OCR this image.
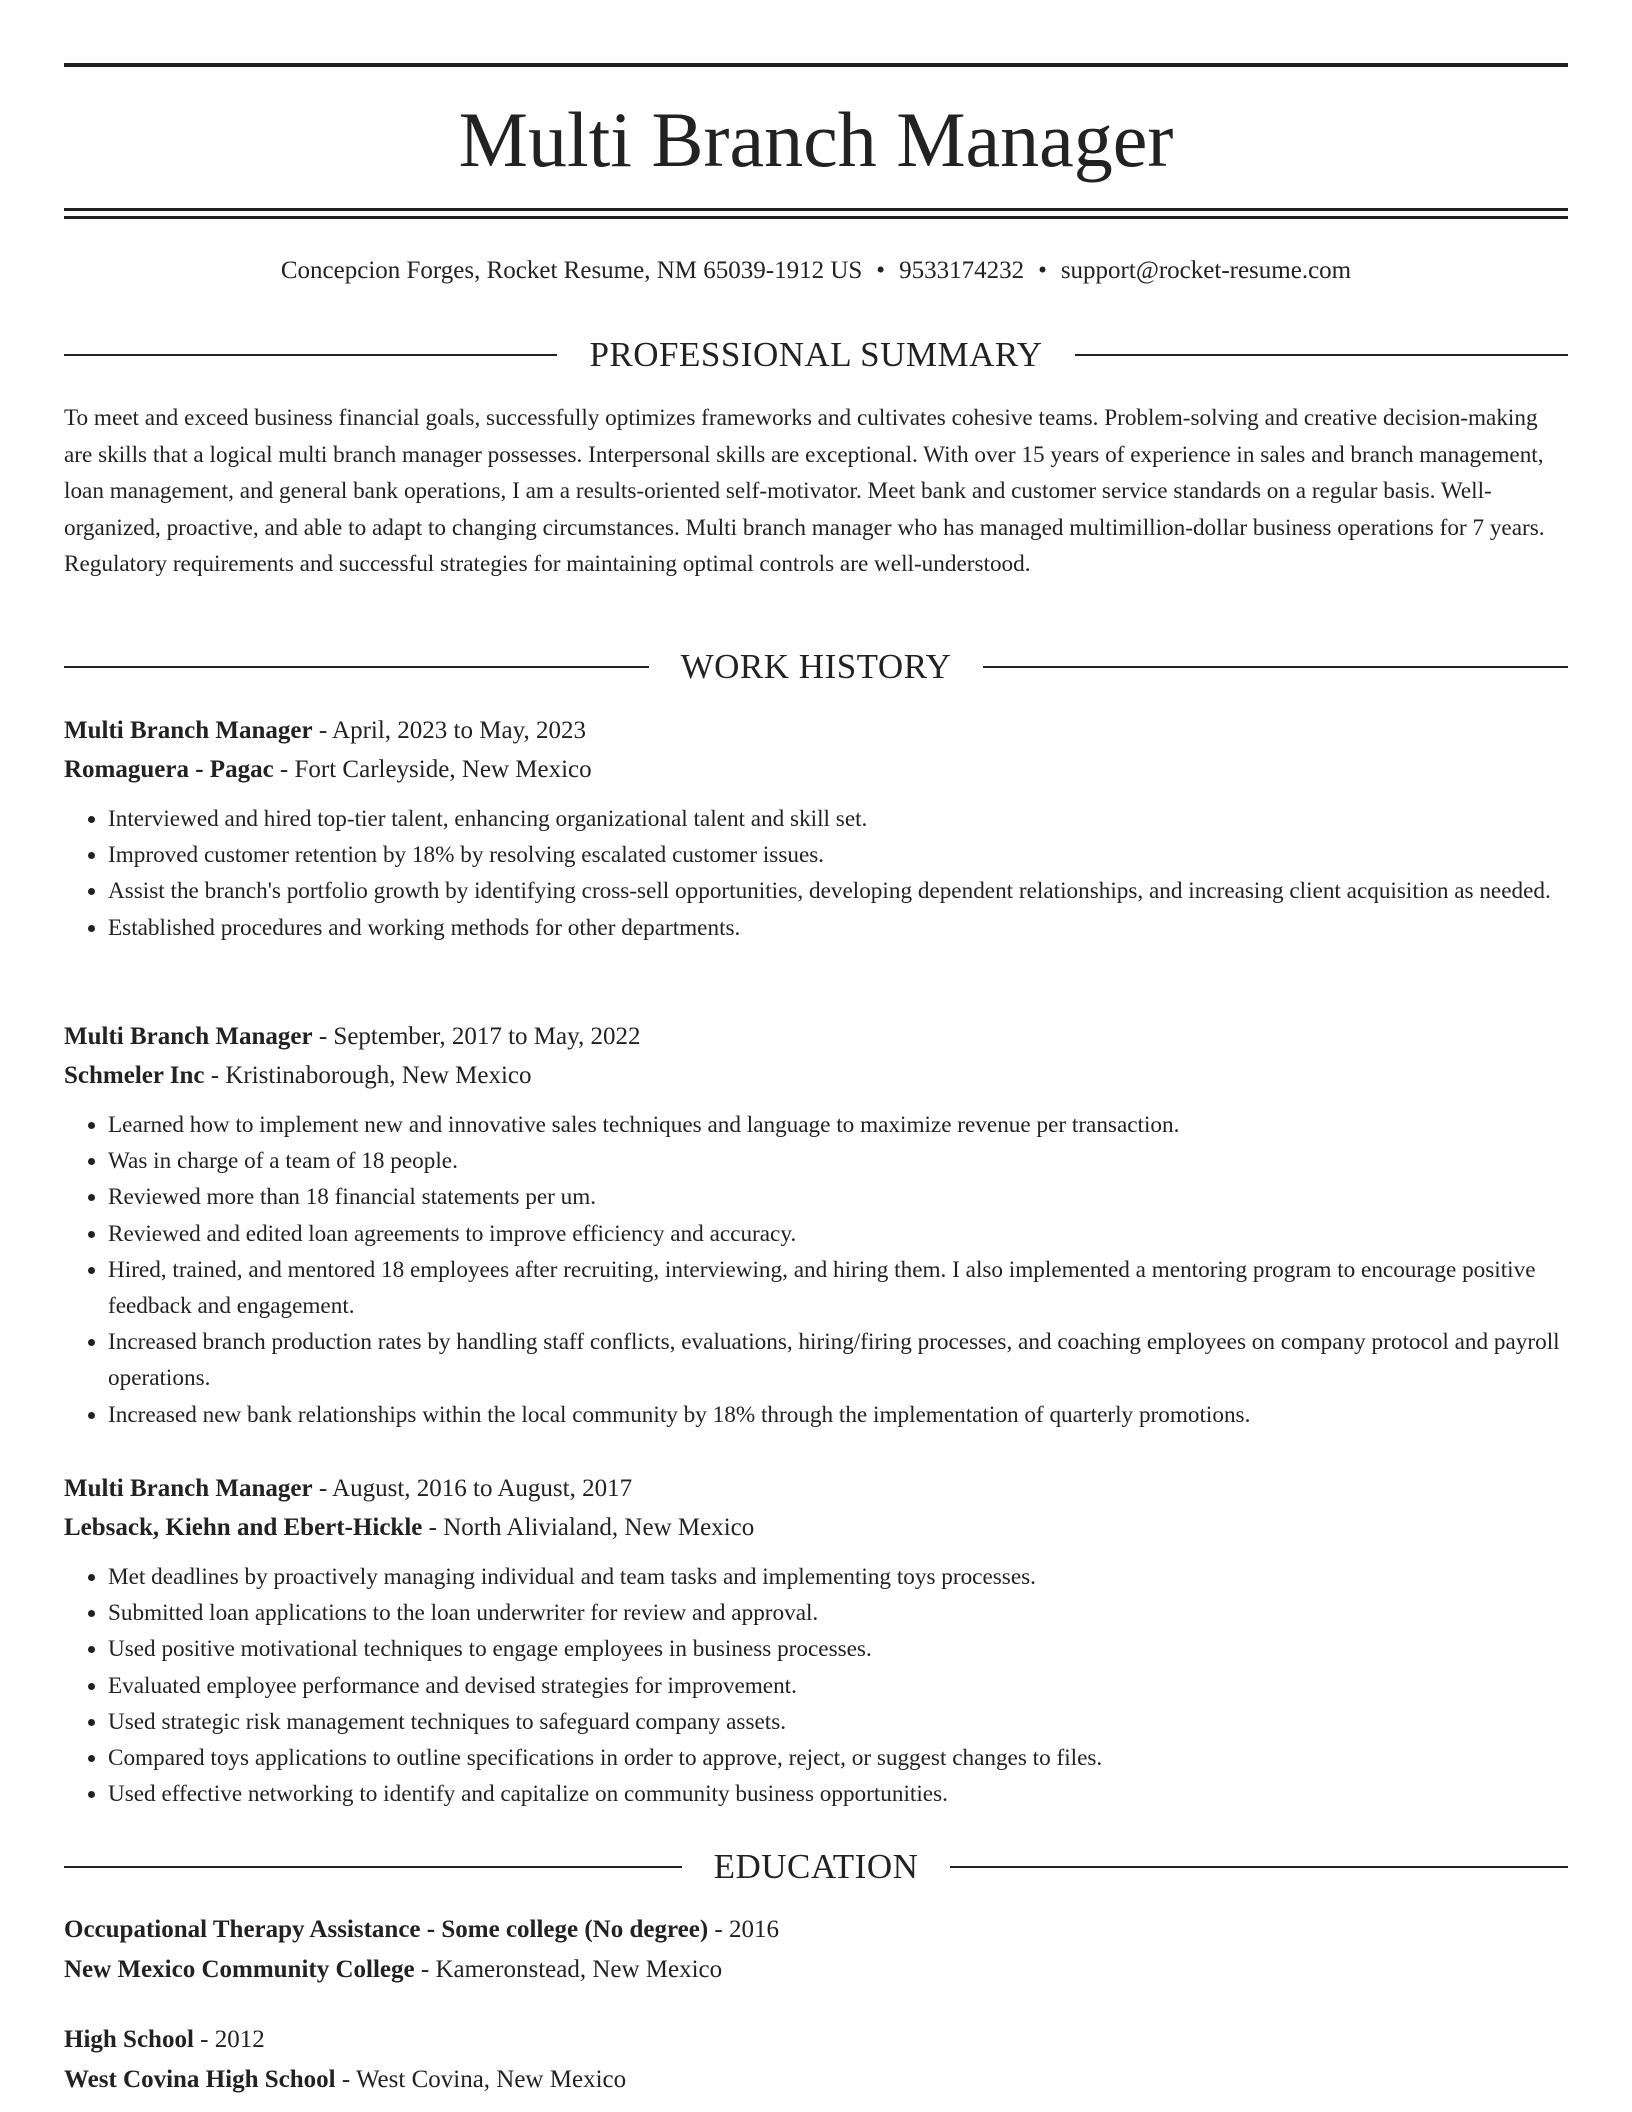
Multi Branch Manager
Concepcion Forges, Rocket Resume, NM 65039-1912 US • 9533174232 • support@rocket-resume.com
PROFESSIONAL SUMMARY
To meet and exceed business financial goals, successfully optimizes frameworks and cultivates cohesive teams. Problem-solving and creative decision-making are skills that a logical multi branch manager possesses. Interpersonal skills are exceptional. With over 15 years of experience in sales and branch management, loan management, and general bank operations, I am a results-oriented self-motivator. Meet bank and customer service standards on a regular basis. Well-organized, proactive, and able to adapt to changing circumstances. Multi branch manager who has managed multimillion-dollar business operations for 7 years. Regulatory requirements and successful strategies for maintaining optimal controls are well-understood.
WORK HISTORY
Multi Branch Manager - April, 2023 to May, 2023
Romaguera - Pagac - Fort Carleyside, New Mexico
• Interviewed and hired top-tier talent, enhancing organizational talent and skill set.
• Improved customer retention by 18% by resolving escalated customer issues.
• Assist the branch's portfolio growth by identifying cross-sell opportunities, developing dependent relationships, and increasing client acquisition as needed.
• Established procedures and working methods for other departments.
Multi Branch Manager - September, 2017 to May, 2022
Schmeler Inc - Kristinaborough, New Mexico
• Learned how to implement new and innovative sales techniques and language to maximize revenue per transaction.
• Was in charge of a team of 18 people.
• Reviewed more than 18 financial statements per um.
• Reviewed and edited loan agreements to improve efficiency and accuracy.
• Hired, trained, and mentored 18 employees after recruiting, interviewing, and hiring them. I also implemented a mentoring program to encourage positive feedback and engagement.
• Increased branch production rates by handling staff conflicts, evaluations, hiring/firing processes, and coaching employees on company protocol and payroll operations.
• Increased new bank relationships within the local community by 18% through the implementation of quarterly promotions.
Multi Branch Manager - August, 2016 to August, 2017
Lebsack, Kiehn and Ebert-Hickle - North Alivialand, New Mexico
• Met deadlines by proactively managing individual and team tasks and implementing toys processes.
• Submitted loan applications to the loan underwriter for review and approval.
• Used positive motivational techniques to engage employees in business processes.
• Evaluated employee performance and devised strategies for improvement.
• Used strategic risk management techniques to safeguard company assets.
• Compared toys applications to outline specifications in order to approve, reject, or suggest changes to files.
• Used effective networking to identify and capitalize on community business opportunities.
EDUCATION
Occupational Therapy Assistance - Some college (No degree) - 2016
New Mexico Community College - Kameronstead, New Mexico
High School - 2012
West Covina High School - West Covina, New Mexico
